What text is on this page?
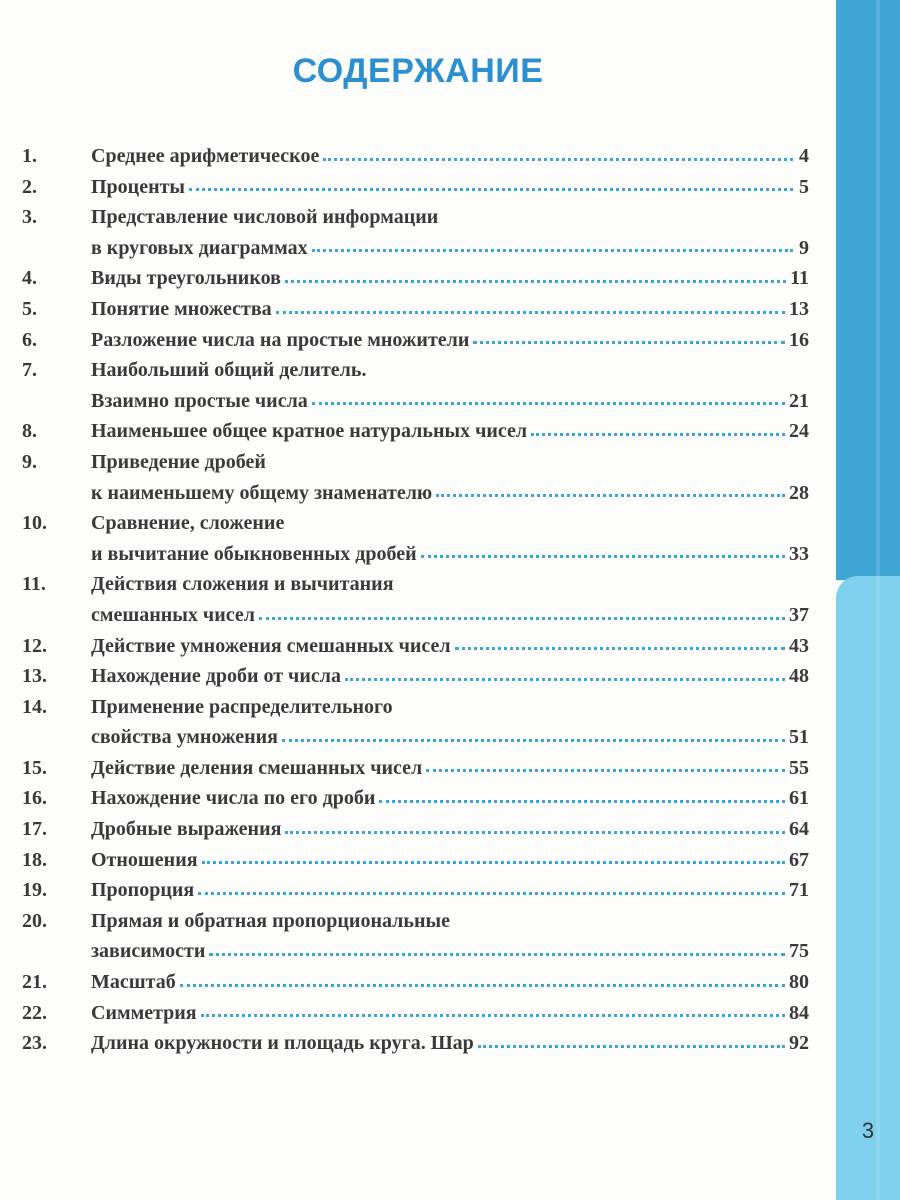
СОДЕРЖАНИЕ
1.	Среднее арифметическое	4
2.	Проценты	5
3.	Представление числовой информации
в круговых диаграммах	9
4.	Виды треугольников	11
5.	Понятие множества	13
6.	Разложение числа на простые множители	16
7.	Наибольший общий делитель.
Взаимно простые числа	21
8.	Наименьшее общее кратное натуральных чисел	24
9.	Приведение дробей
к наименьшему общему знаменателю	28
10.	Сравнение, сложение
и вычитание обыкновенных дробей	33
11.	Действия сложения и вычитания
смешанных чисел	37
12.	Действие умножения смешанных чисел	43
13.	Нахождение дроби от числа	48
14.	Применение распределительного
свойства умножения	51
15.	Действие деления смешанных чисел	55
16.	Нахождение числа по его дроби	61
17.	Дробные выражения	64
18.	Отношения	67
19.	Пропорция	71
20.	Прямая и обратная пропорциональные
зависимости	75
21.	Масштаб	80
22.	Симметрия	84
23.	Длина окружности и площадь круга. Шар	92
3
